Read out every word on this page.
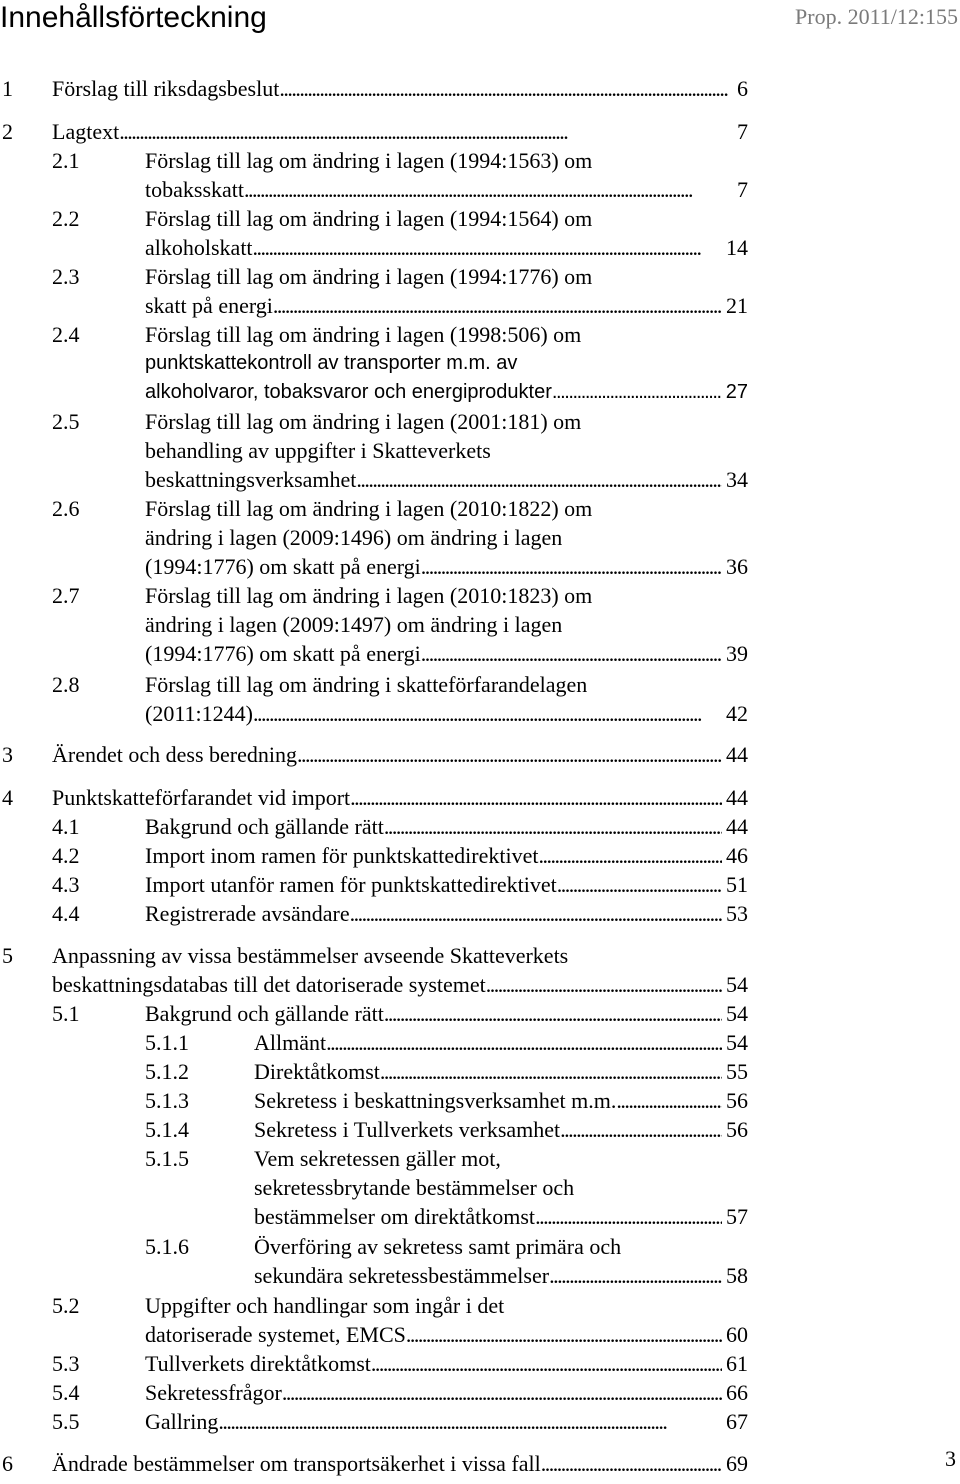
Innehållsförteckning	Prop. 2011/12:155
1 Förslag till riksdagsbeslut . . .	6
2 Lagtext . . .	7
2.1	Förslag till lag om ändring i lagen (1994:1563) om
tobaksskatt . . .	7
2.2	Förslag till lag om ändring i lagen (1994:1564) om
alkoholskatt . . .	14
2.3	Förslag till lag om ändring i lagen (1994:1776) om
skatt på energi . . .	21
2.4	Förslag till lag om ändring i lagen (1998:506) om
punktskattekontroll av transporter m.m. av
alkoholvaror, tobaksvaror och energiprodukter . . .	27
2.5	Förslag till lag om ändring i lagen (2001:181) om
behandling av uppgifter i Skatteverkets
beskattningsverksamhet . . .	34
2.6	Förslag till lag om ändring i lagen (2010:1822) om
ändring i lagen (2009:1496) om ändring i lagen
(1994:1776) om skatt på energi . . .	36
2.7	Förslag till lag om ändring i lagen (2010:1823) om
ändring i lagen (2009:1497) om ändring i lagen
(1994:1776) om skatt på energi . . .	39
2.8	Förslag till lag om ändring i skatteförfarandelagen
(2011:1244) . . .	42
3 Ärendet och dess beredning . . .	44
4 Punktskatteförfarandet vid import . . .	44
4.1	Bakgrund och gällande rätt . . .	44
4.2	Import inom ramen för punktskattedirektivet . . .	46
4.3	Import utanför ramen för punktskattedirektivet . . .	51
4.4	Registrerade avsändare . . .	53
5 Anpassning av vissa bestämmelser avseende Skatteverkets
beskattningsdatabas till det datoriserade systemet . . .	54
5.1	Bakgrund och gällande rätt . . .	54
5.1.1	Allmänt . . .	54
5.1.2	Direktåtkomst . . .	55
5.1.3	Sekretess i beskattningsverksamhet m.m. . . .	56
5.1.4	Sekretess i Tullverkets verksamhet . . .	56
5.1.5	Vem sekretessen gäller mot,
sekretessbrytande bestämmelser och
bestämmelser om direktåtkomst . . .	57
5.1.6	Överföring av sekretess samt primära och
sekundära sekretessbestämmelser . . .	58
5.2	Uppgifter och handlingar som ingår i det
datoriserade systemet, EMCS . . .	60
5.3	Tullverkets direktåtkomst . . .	61
5.4	Sekretessfrågor . . .	66
5.5	Gallring . . .	67
6 Ändrade bestämmelser om transportsäkerhet i vissa fall . . .	69	3
